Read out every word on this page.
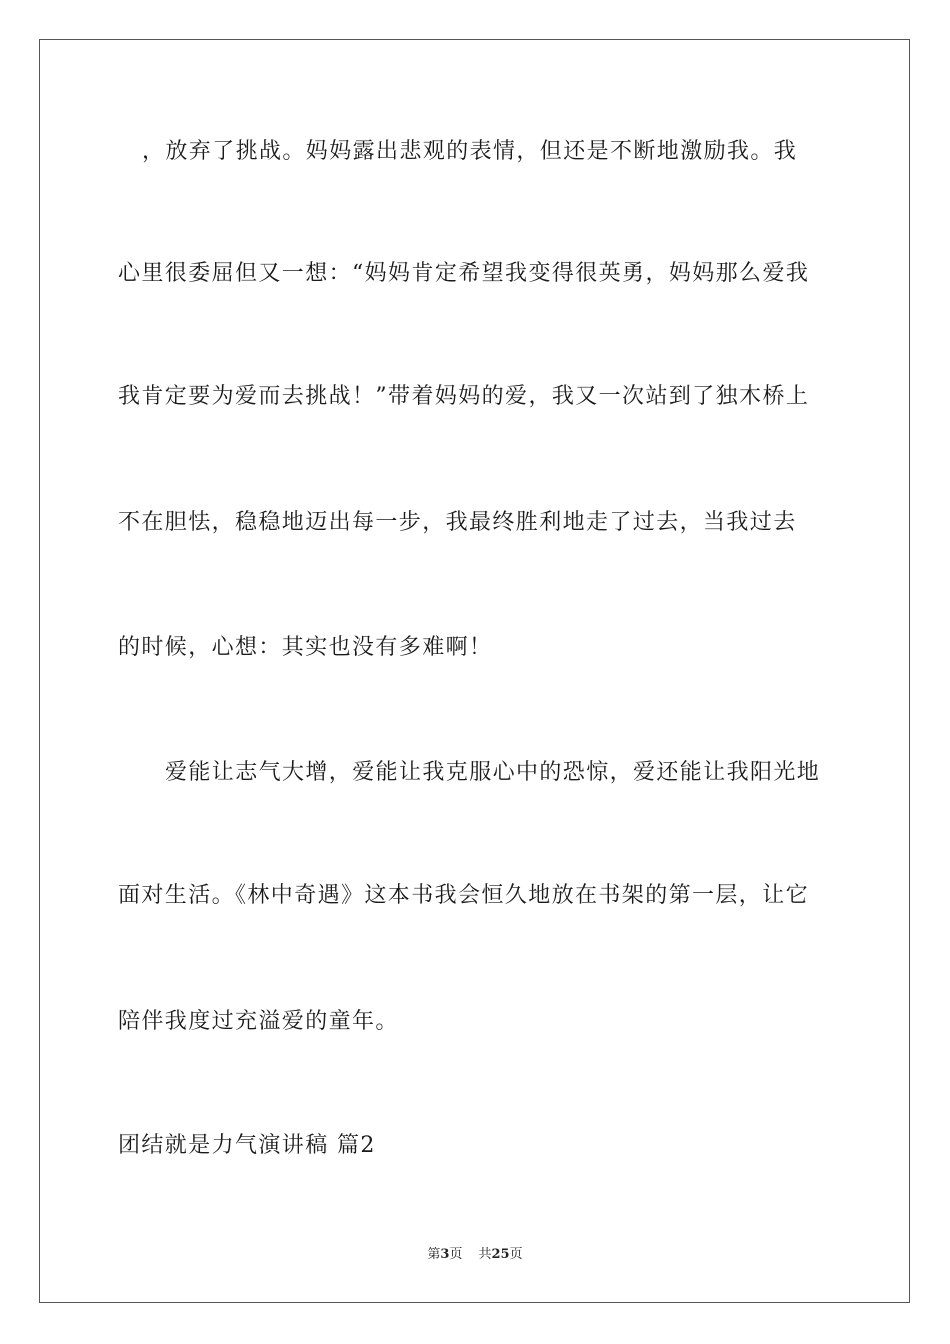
，放弃了挑战。妈妈露出悲观的表情，但还是不断地激励我。我
心里很委屈但又一想：“妈妈肯定希望我变得很英勇，妈妈那么爱我
我肯定要为爱而去挑战！”带着妈妈的爱，我又一次站到了独木桥上
不在胆怯，稳稳地迈出每一步，我最终胜利地走了过去，当我过去
的时候，心想：其实也没有多难啊！
爱能让志气大增，爱能让我克服心中的恐惊，爱还能让我阳光地
面对生活。《林中奇遇》这本书我会恒久地放在书架的第一层，让它
陪伴我度过充溢爱的童年。
团结就是力气演讲稿 篇2
第3页 共25页
